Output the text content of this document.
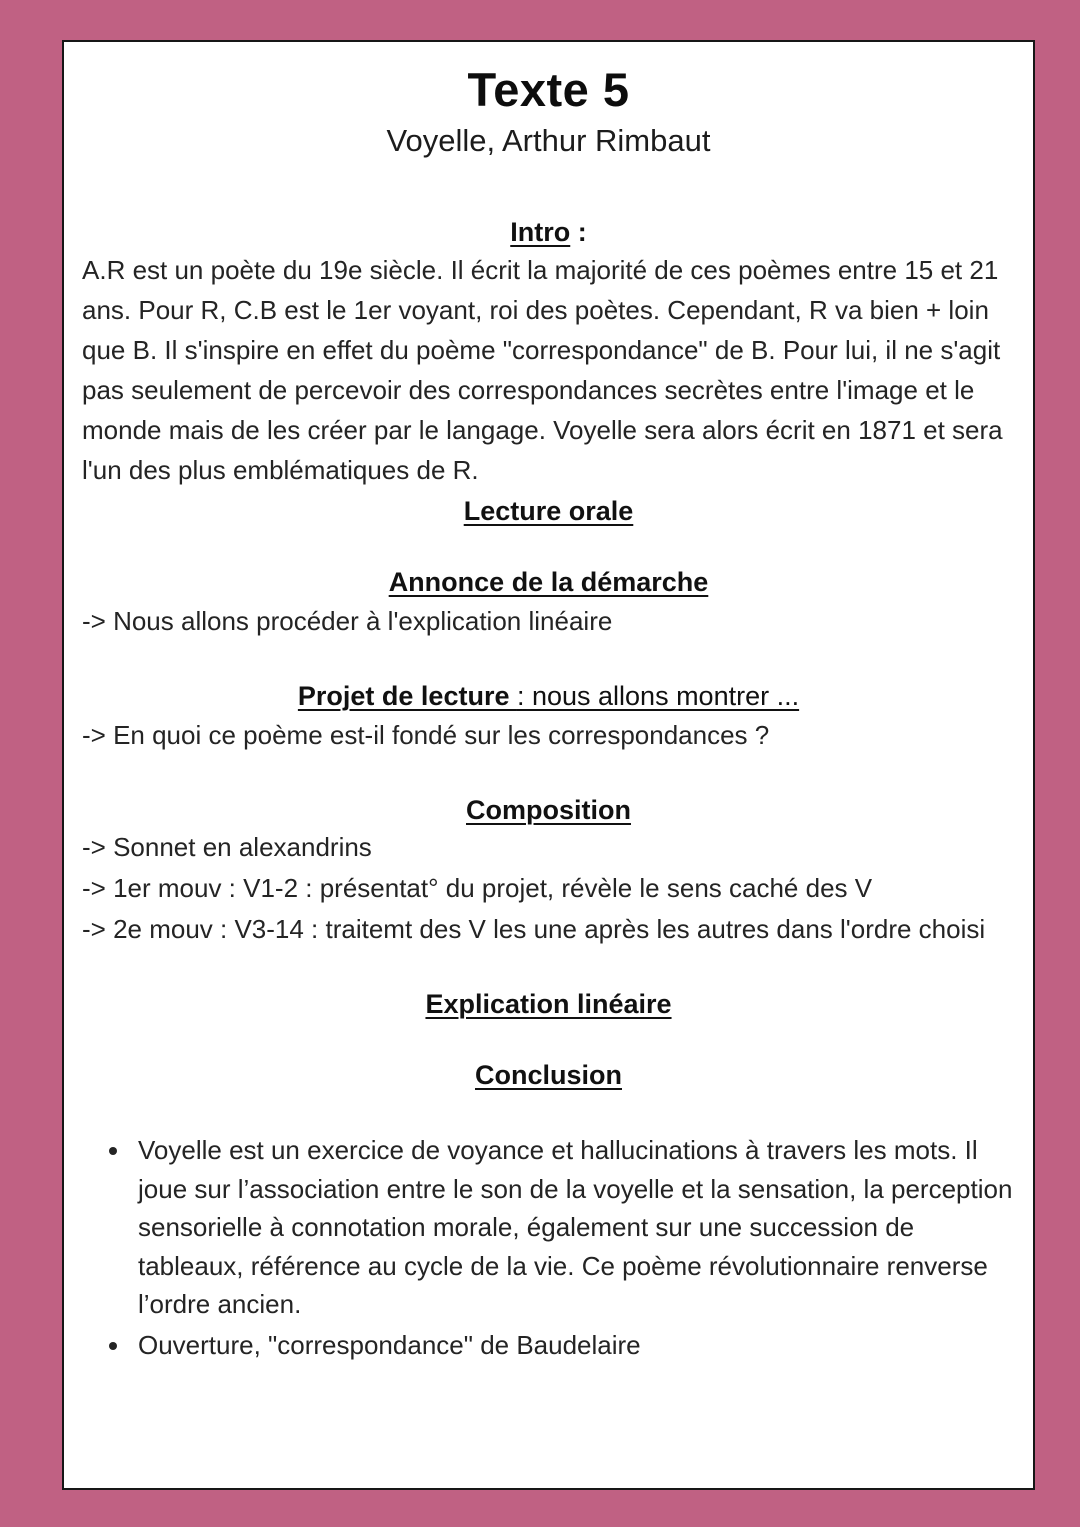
Texte 5
Voyelle, Arthur Rimbaut
Intro :
A.R est un poète du 19e siècle. Il écrit la majorité de ces poèmes entre 15 et 21 ans. Pour R, C.B est le 1er voyant, roi des poètes. Cependant, R va bien + loin que B. Il s'inspire en effet du poème "correspondance" de B. Pour lui, il ne s'agit pas seulement de percevoir des correspondances secrètes entre l'image et le monde mais de les créer par le langage. Voyelle sera alors écrit en 1871 et sera l'un des plus emblématiques de R.
Lecture orale
Annonce de la démarche
-> Nous allons procéder à l'explication linéaire
Projet de lecture : nous allons montrer ...
-> En quoi ce poème est-il fondé sur les correspondances ?
Composition
-> Sonnet en alexandrins
-> 1er mouv : V1-2 : présentat° du projet, révèle le sens caché des V
-> 2e mouv : V3-14 : traitemt des V les une après les autres dans l'ordre choisi
Explication linéaire
Conclusion
• Voyelle est un exercice de voyance et hallucinations à travers les mots. Il joue sur l’association entre le son de la voyelle et la sensation, la perception sensorielle à connotation morale, également sur une succession de tableaux, référence au cycle de la vie. Ce poème révolutionnaire renverse l’ordre ancien.
• Ouverture, "correspondance" de Baudelaire
